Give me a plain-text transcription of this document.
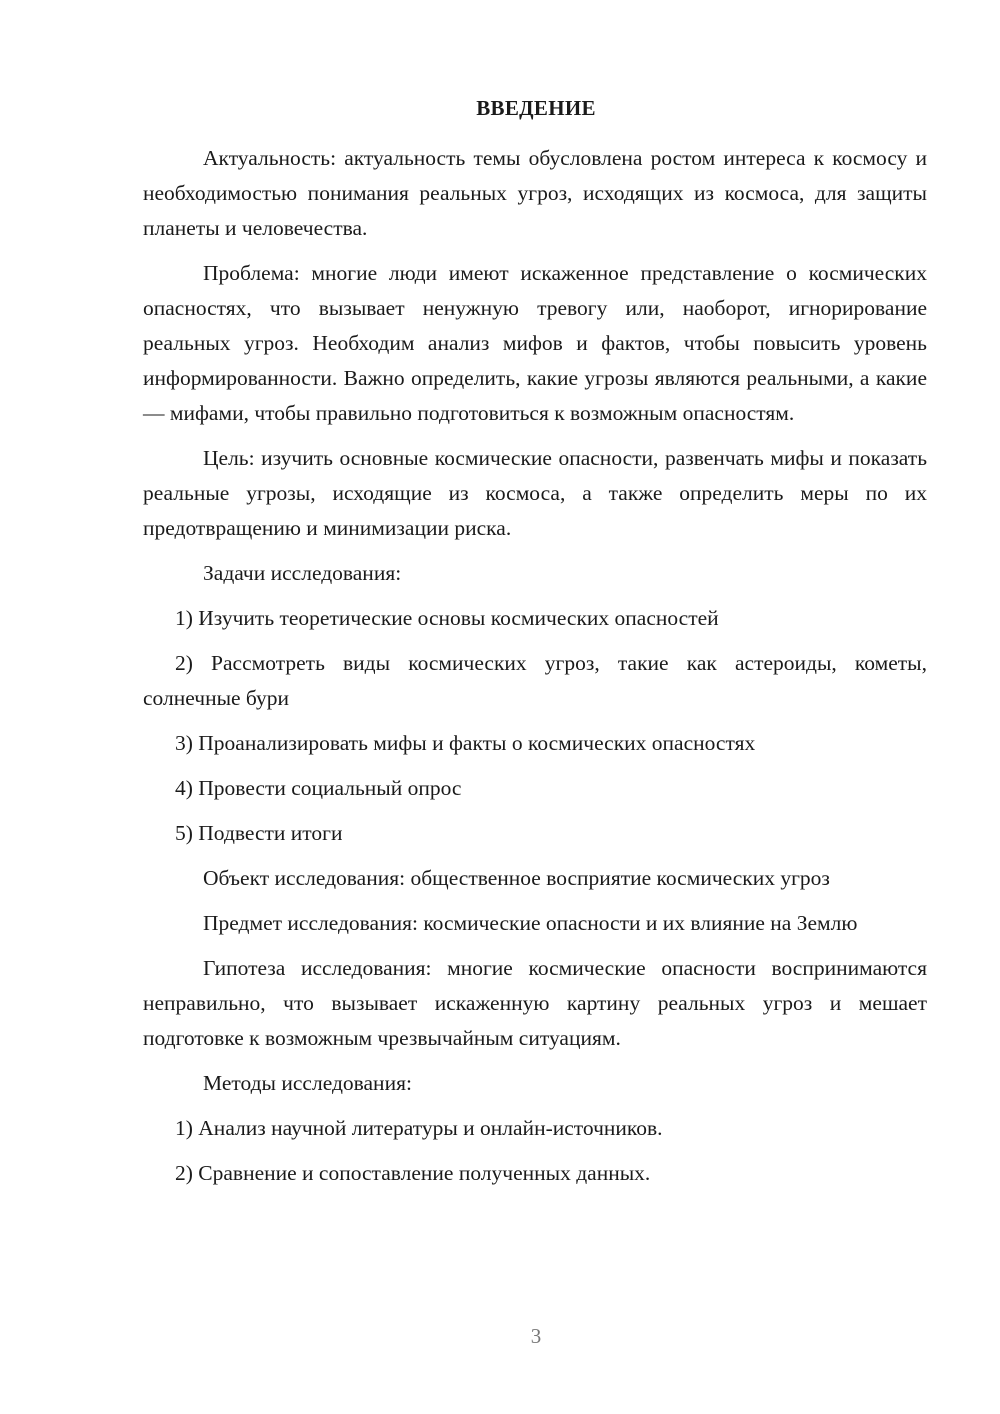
ВВЕДЕНИЕ

Актуальность: актуальность темы обусловлена ростом интереса к космосу и необходимостью понимания реальных угроз, исходящих из космоса, для защиты планеты и человечества.

Проблема: многие люди имеют искаженное представление о космических опасностях, что вызывает ненужную тревогу или, наоборот, игнорирование реальных угроз. Необходим анализ мифов и фактов, чтобы повысить уровень информированности. Важно определить, какие угрозы являются реальными, а какие — мифами, чтобы правильно подготовиться к возможным опасностям.

Цель: изучить основные космические опасности, развенчать мифы и показать реальные угрозы, исходящие из космоса, а также определить меры по их предотвращению и минимизации риска.

Задачи исследования:

1) Изучить теоретические основы космических опасностей

2) Рассмотреть виды космических угроз, такие как астероиды, кометы, солнечные бури

3) Проанализировать мифы и факты о космических опасностях

4) Провести социальный опрос

5) Подвести итоги

Объект исследования: общественное восприятие космических угроз

Предмет исследования: космические опасности и их влияние на Землю

Гипотеза исследования: многие космические опасности воспринимаются неправильно, что вызывает искаженную картину реальных угроз и мешает подготовке к возможным чрезвычайным ситуациям.

Методы исследования:

1) Анализ научной литературы и онлайн-источников.

2) Сравнение и сопоставление полученных данных.

3
